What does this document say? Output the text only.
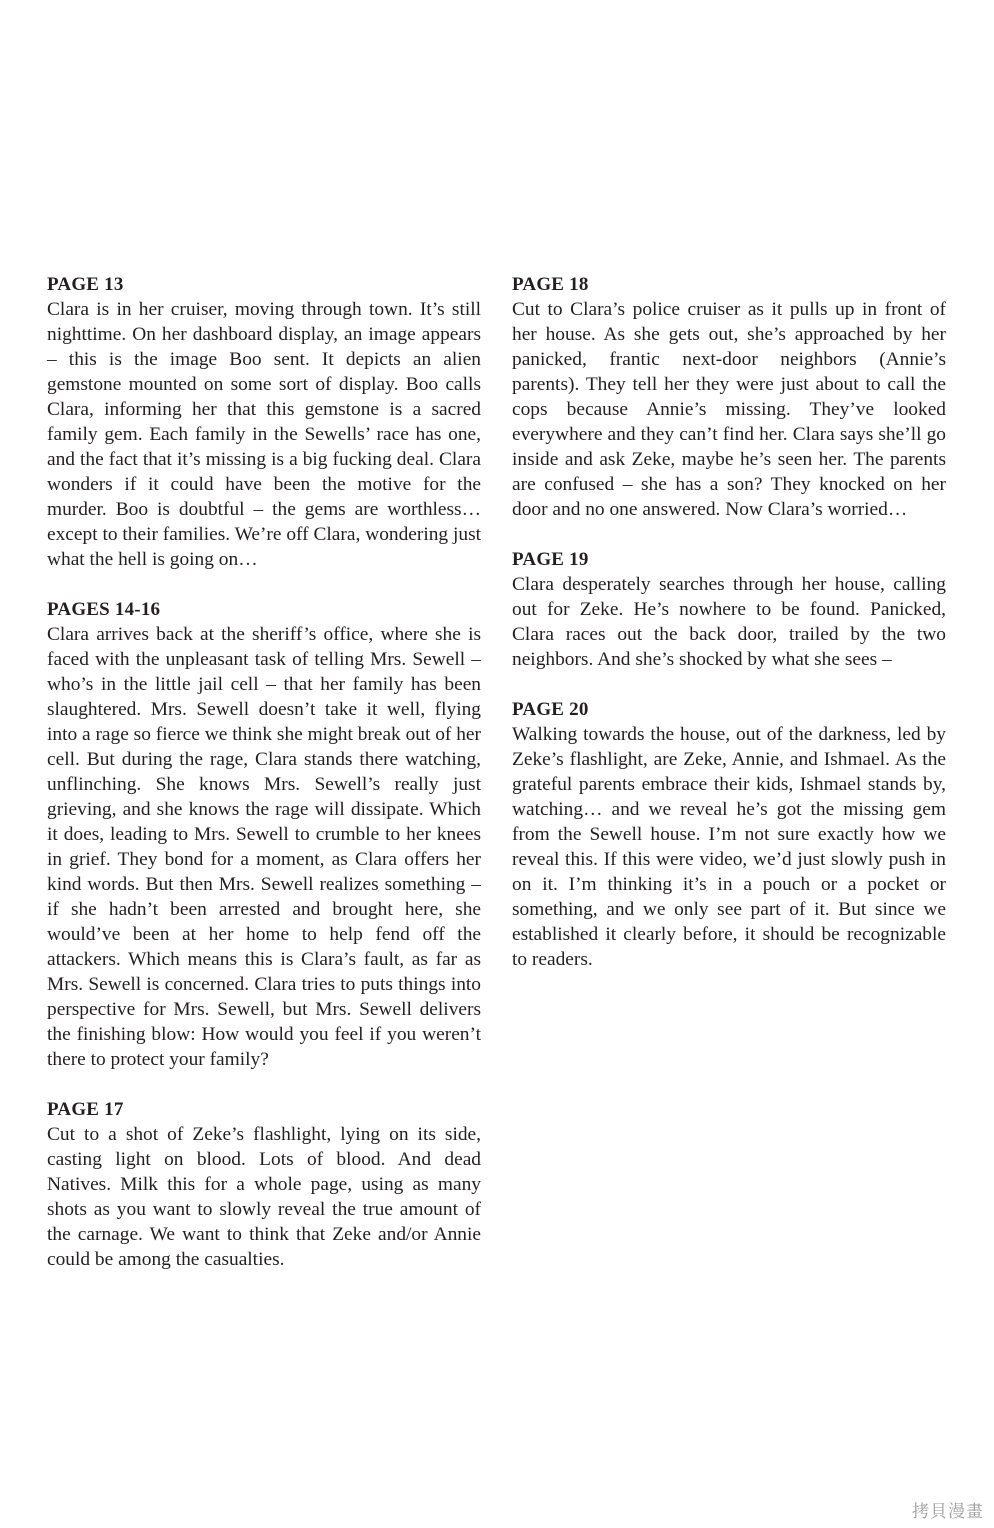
PAGE 13

Clara is in her cruiser, moving through town. It’s still nighttime. On her dashboard display, an image appears – this is the image Boo sent. It depicts an alien gemstone mounted on some sort of display. Boo calls Clara, informing her that this gemstone is a sacred family gem. Each family in the Sewells’ race has one, and the fact that it’s missing is a big fucking deal. Clara wonders if it could have been the motive for the murder. Boo is doubtful – the gems are worthless… except to their families. We’re off Clara, wondering just what the hell is going on…

PAGES 14-16

Clara arrives back at the sheriff’s office, where she is faced with the unpleasant task of telling Mrs. Sewell – who’s in the little jail cell – that her family has been slaughtered. Mrs. Sewell doesn’t take it well, flying into a rage so fierce we think she might break out of her cell. But during the rage, Clara stands there watching, unflinching. She knows Mrs. Sewell’s really just grieving, and she knows the rage will dissipate. Which it does, leading to Mrs. Sewell to crumble to her knees in grief. They bond for a moment, as Clara offers her kind words. But then Mrs. Sewell realizes something – if she hadn’t been arrested and brought here, she would’ve been at her home to help fend off the attackers. Which means this is Clara’s fault, as far as Mrs. Sewell is concerned. Clara tries to puts things into perspective for Mrs. Sewell, but Mrs. Sewell delivers the finishing blow: How would you feel if you weren’t there to protect your family?

PAGE 17

Cut to a shot of Zeke’s flashlight, lying on its side, casting light on blood. Lots of blood. And dead Natives. Milk this for a whole page, using as many shots as you want to slowly reveal the true amount of the carnage. We want to think that Zeke and/or Annie could be among the casualties.

PAGE 18

Cut to Clara’s police cruiser as it pulls up in front of her house. As she gets out, she’s approached by her panicked, frantic next-door neighbors (Annie’s parents). They tell her they were just about to call the cops because Annie’s missing. They’ve looked everywhere and they can’t find her. Clara says she’ll go inside and ask Zeke, maybe he’s seen her. The parents are confused – she has a son? They knocked on her door and no one answered. Now Clara’s worried…

PAGE 19

Clara desperately searches through her house, calling out for Zeke. He’s nowhere to be found. Panicked, Clara races out the back door, trailed by the two neighbors. And she’s shocked by what she sees –

PAGE 20

Walking towards the house, out of the darkness, led by Zeke’s flashlight, are Zeke, Annie, and Ishmael. As the grateful parents embrace their kids, Ishmael stands by, watching… and we reveal he’s got the missing gem from the Sewell house. I’m not sure exactly how we reveal this. If this were video, we’d just slowly push in on it. I’m thinking it’s in a pouch or a pocket or something, and we only see part of it. But since we established it clearly before, it should be recognizable to readers.

拷貝漫畫
